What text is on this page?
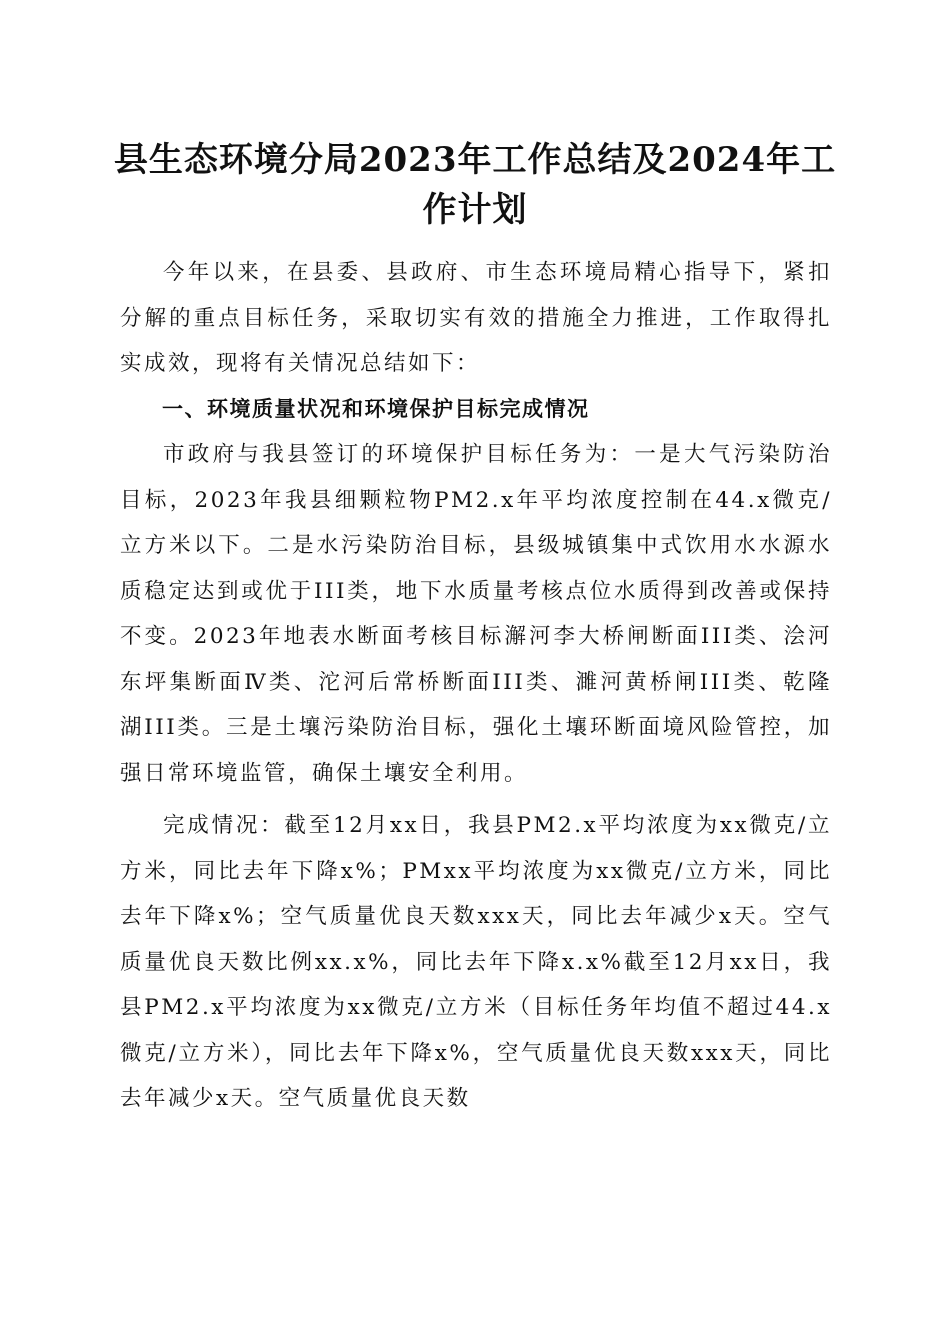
县生态环境分局2023年工作总结及2024年工作计划

今年以来，在县委、县政府、市生态环境局精心指导下，紧扣分解的重点目标任务，采取切实有效的措施全力推进，工作取得扎实成效，现将有关情况总结如下：

一、环境质量状况和环境保护目标完成情况

市政府与我县签订的环境保护目标任务为：一是大气污染防治目标，2023年我县细颗粒物PM2.x年平均浓度控制在44.x微克/立方米以下。二是水污染防治目标，县级城镇集中式饮用水水源水质稳定达到或优于III类，地下水质量考核点位水质得到改善或保持不变。2023年地表水断面考核目标澥河李大桥闸断面III类、浍河东坪集断面Ⅳ类、沱河后常桥断面III类、濉河黄桥闸III类、乾隆湖III类。三是土壤污染防治目标，强化土壤环断面境风险管控，加强日常环境监管，确保土壤安全利用。

完成情况：截至12月xx日，我县PM2.x平均浓度为xx微克/立方米，同比去年下降x%；PMxx平均浓度为xx微克/立方米，同比去年下降x%；空气质量优良天数xxx天，同比去年减少x天。空气质量优良天数比例xx.x%，同比去年下降x.x%截至12月xx日，我县PM2.x平均浓度为xx微克/立方米（目标任务年均值不超过44.x微克/立方米），同比去年下降x%，空气质量优良天数xxx天，同比去年减少x天。空气质量优良天数
